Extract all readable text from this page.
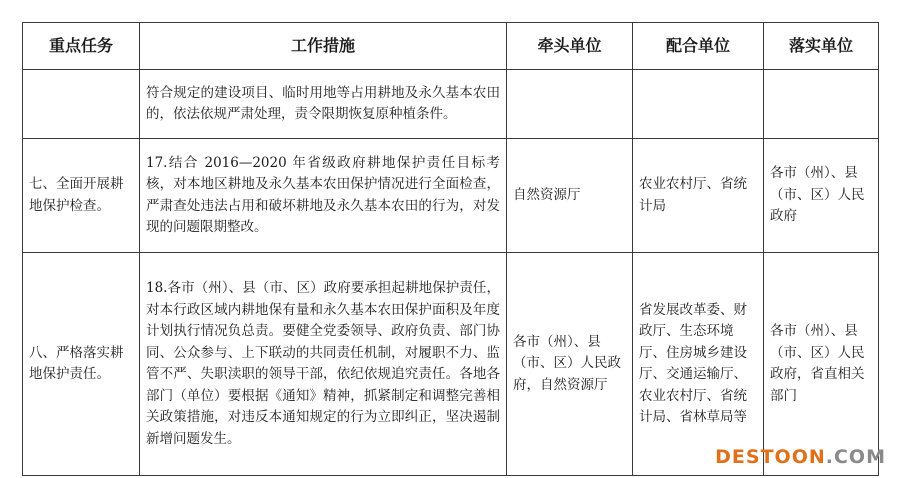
重点任务	工作措施	牵头单位	配合单位	落实单位
	符合规定的建设项目、临时用地等占用耕地及永久基本农田的，依法依规严肃处理，责令限期恢复原种植条件。			
七、全面开展耕地保护检查。	17.结合 2016—2020 年省级政府耕地保护责任目标考核，对本地区耕地及永久基本农田保护情况进行全面检查，严肃查处违法占用和破坏耕地及永久基本农田的行为，对发现的问题限期整改。	自然资源厅	农业农村厅、省统计局	各市（州）、县（市、区）人民政府
八、严格落实耕地保护责任。	18.各市（州）、县（市、区）政府要承担起耕地保护责任，对本行政区域内耕地保有量和永久基本农田保护面积及年度计划执行情况负总责。要健全党委领导、政府负责、部门协同、公众参与、上下联动的共同责任机制，对履职不力、监管不严、失职渎职的领导干部，依纪依规追究责任。各地各部门（单位）要根据《通知》精神，抓紧制定和调整完善相关政策措施，对违反本通知规定的行为立即纠正，坚决遏制新增问题发生。	各市（州）、县（市、区）人民政府，自然资源厅	省发展改革委、财政厅、生态环境厅、住房城乡建设厅、交通运输厅、农业农村厅、省统计局、省林草局等	各市（州）、县（市、区）人民政府，省直相关部门
DESTOON.COM
